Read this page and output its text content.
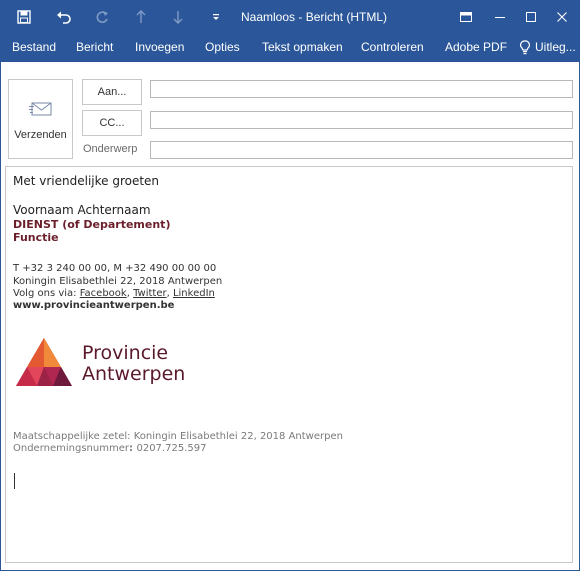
Naamloos - Bericht (HTML)
Bestand Bericht Invoegen Opties Tekst opmaken Controleren Adobe PDF Uitleg...
Verzenden
Aan...
CC...
Onderwerp
Met vriendelijke groeten
Voornaam Achternaam
DIENST (of Departement)
Functie
T +32 3 240 00 00, M +32 490 00 00 00
Koningin Elisabethlei 22, 2018 Antwerpen
Volg ons via: Facebook, Twitter, LinkedIn
www.provincieantwerpen.be
Provincie
Antwerpen
Maatschappelijke zetel: Koningin Elisabethlei 22, 2018 Antwerpen
Ondernemingsnummer: 0207.725.597
